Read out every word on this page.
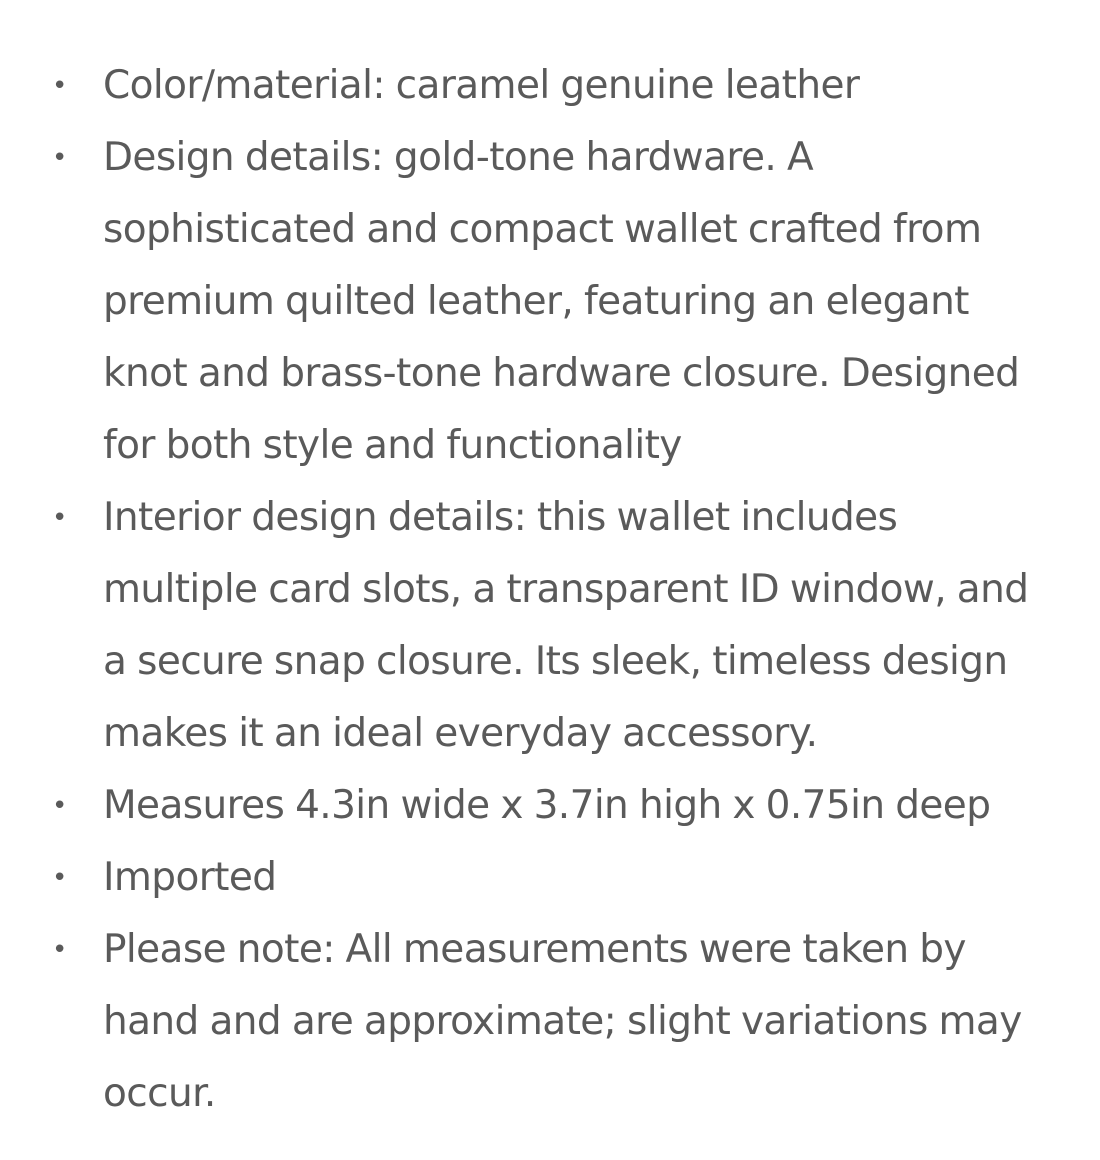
• Color/material: caramel genuine leather
• Design details: gold-tone hardware. A sophisticated and compact wallet crafted from premium quilted leather, featuring an elegant knot and brass-tone hardware closure. Designed for both style and functionality
• Interior design details: this wallet includes multiple card slots, a transparent ID window, and a secure snap closure. Its sleek, timeless design makes it an ideal everyday accessory.
• Measures 4.3in wide x 3.7in high x 0.75in deep
• Imported
• Please note: All measurements were taken by hand and are approximate; slight variations may occur.
